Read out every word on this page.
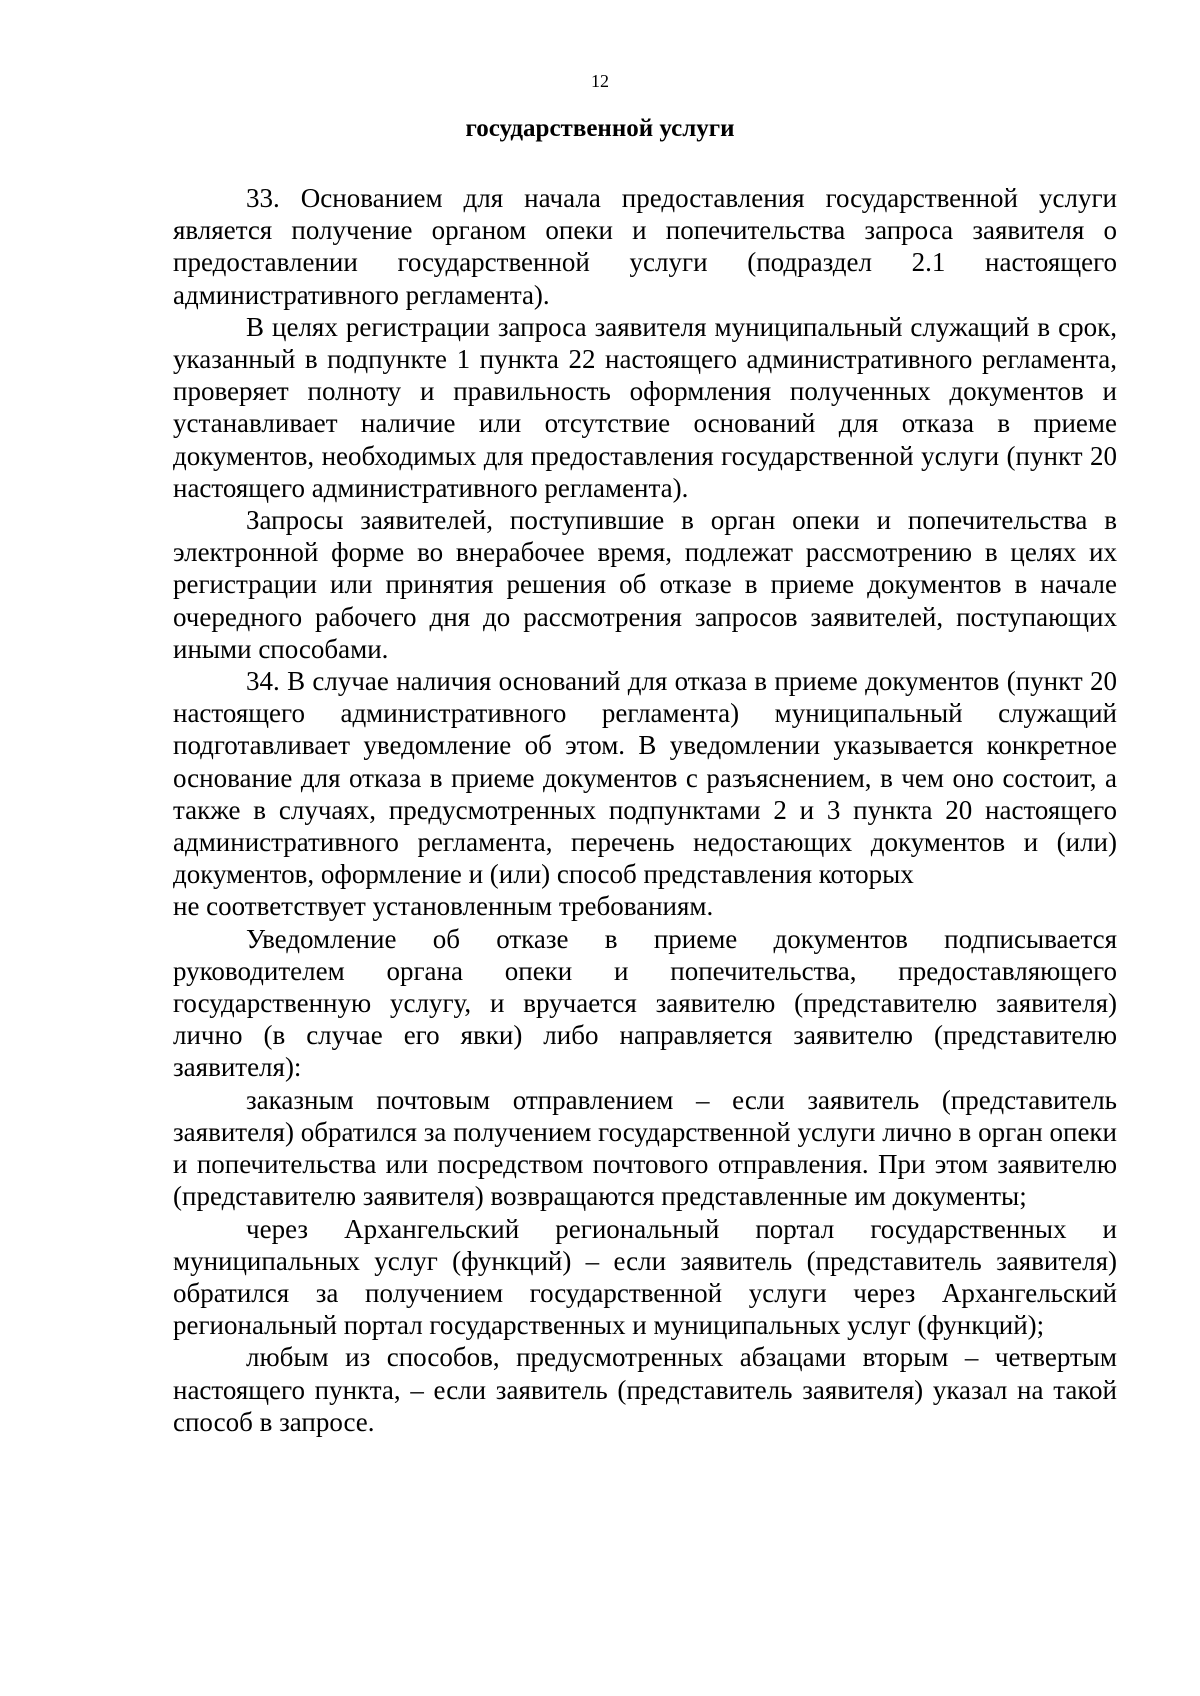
12
государственной услуги

33. Основанием для начала предоставления государственной услуги является получение органом опеки и попечительства запроса заявителя о предоставлении государственной услуги (подраздел 2.1 настоящего административного регламента).

В целях регистрации запроса заявителя муниципальный служащий в срок, указанный в подпункте 1 пункта 22 настоящего административного регламента, проверяет полноту и правильность оформления полученных документов и устанавливает наличие или отсутствие оснований для отказа в приеме документов, необходимых для предоставления государственной услуги (пункт 20 настоящего административного регламента).

Запросы заявителей, поступившие в орган опеки и попечительства в электронной форме во внерабочее время, подлежат рассмотрению в целях их регистрации или принятия решения об отказе в приеме документов в начале очередного рабочего дня до рассмотрения запросов заявителей, поступающих иными способами.

34. В случае наличия оснований для отказа в приеме документов (пункт 20 настоящего административного регламента) муниципальный служащий подготавливает уведомление об этом. В уведомлении указывается конкретное основание для отказа в приеме документов с разъяснением, в чем оно состоит, а также в случаях, предусмотренных подпунктами 2 и 3 пункта 20 настоящего административного регламента, перечень недостающих документов и (или) документов, оформление и (или) способ представления которых

не соответствует установленным требованиям.

Уведомление об отказе в приеме документов подписывается руководителем органа опеки и попечительства, предоставляющего государственную услугу, и вручается заявителю (представителю заявителя) лично (в случае его явки) либо направляется заявителю (представителю заявителя):

заказным почтовым отправлением – если заявитель (представитель заявителя) обратился за получением государственной услуги лично в орган опеки и попечительства или посредством почтового отправления. При этом заявителю (представителю заявителя) возвращаются представленные им документы;

через Архангельский региональный портал государственных и муниципальных услуг (функций) – если заявитель (представитель заявителя) обратился за получением государственной услуги через Архангельский региональный портал государственных и муниципальных услуг (функций);

любым из способов, предусмотренных абзацами вторым – четвертым настоящего пункта, – если заявитель (представитель заявителя) указал на такой способ в запросе.
